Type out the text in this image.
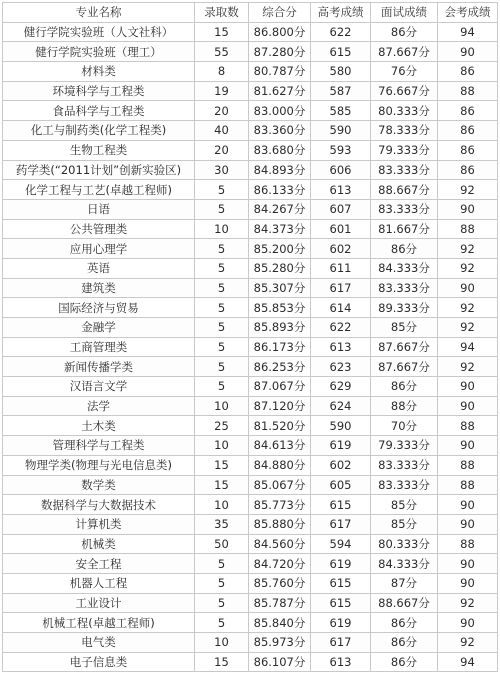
专业名称	录取数	综合分	高考成绩	面试成绩	会考成绩
健行学院实验班（人文社科）	15	86.800分	622	86分	94
健行学院实验班（理工）	55	87.280分	615	87.667分	90
材料类	8	80.787分	580	76分	86
环境科学与工程类	19	81.627分	587	76.667分	88
食品科学与工程类	20	83.000分	585	80.333分	86
化工与制药类(化学工程类)	40	83.360分	590	78.333分	86
生物工程类	20	83.680分	593	79.333分	86
药学类(“2011计划”创新实验区)	30	84.893分	606	83.333分	86
化学工程与工艺(卓越工程师)	5	86.133分	613	88.667分	92
日语	5	84.267分	607	83.333分	90
公共管理类	10	84.373分	601	81.667分	88
应用心理学	5	85.200分	602	86分	92
英语	5	85.280分	611	84.333分	92
建筑类	5	85.307分	617	83.333分	90
国际经济与贸易	5	85.853分	614	89.333分	92
金融学	5	85.893分	622	85分	92
工商管理类	5	86.173分	613	87.667分	94
新闻传播学类	5	86.253分	623	87.667分	92
汉语言文学	5	87.067分	629	86分	90
法学	10	87.120分	624	88分	90
土木类	25	81.520分	590	70分	88
管理科学与工程类	10	84.613分	619	79.333分	90
物理学类(物理与光电信息类)	15	84.880分	602	83.333分	88
数学类	15	85.067分	605	83.333分	88
数据科学与大数据技术	10	85.773分	615	85分	90
计算机类	35	85.880分	617	85分	90
机械类	50	84.560分	594	80.333分	88
安全工程	5	84.720分	619	84.333分	90
机器人工程	5	85.760分	615	87分	90
工业设计	5	85.787分	615	88.667分	92
机械工程(卓越工程师)	5	85.840分	619	86分	90
电气类	10	85.973分	617	86分	92
电子信息类	15	86.107分	613	86分	94
